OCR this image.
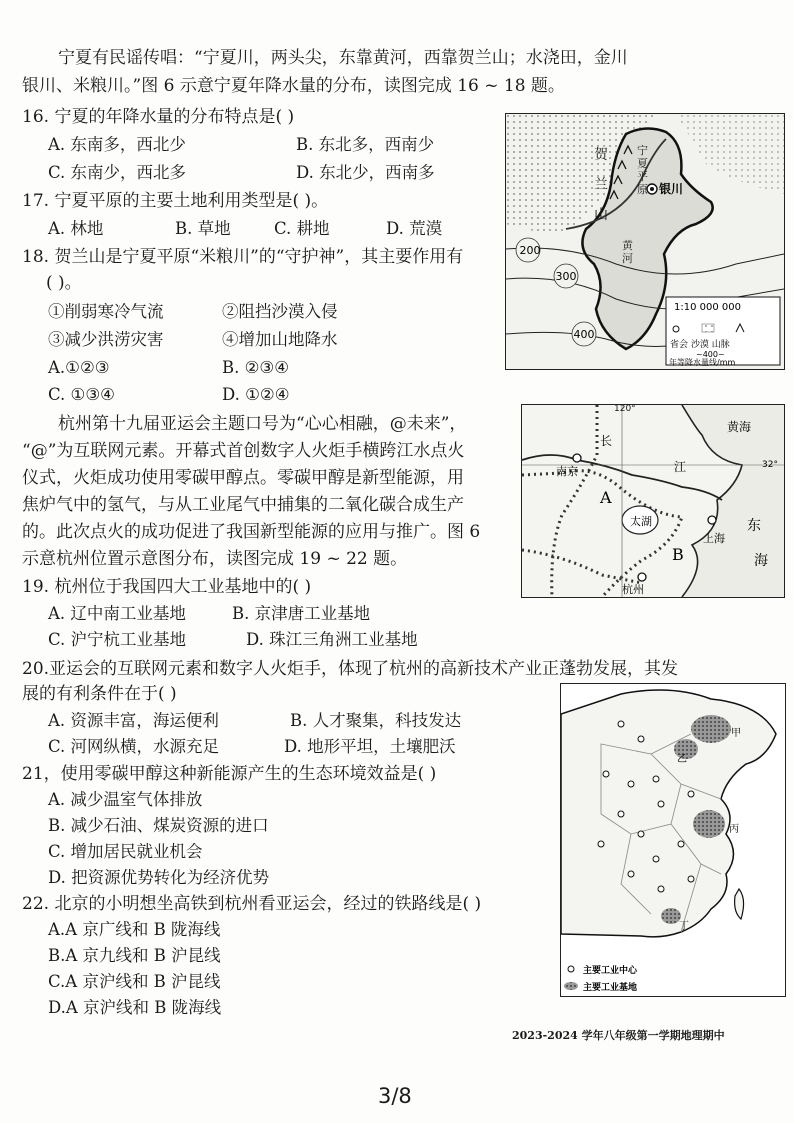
宁夏有民谣传唱：“宁夏川，两头尖，东靠黄河，西靠贺兰山；水浇田，金川
银川、米粮川。”图 6 示意宁夏年降水量的分布，读图完成 16 ~ 18 题。
16. 宁夏的年降水量的分布特点是( )
A. 东南多，西北少	B. 东北多，西南少
C. 东南少，西北多	D. 东北少，西南多
17. 宁夏平原的主要土地利用类型是( )。
A. 林地	B. 草地	C. 耕地	D. 荒漠
18. 贺兰山是宁夏平原“米粮川”的“守护神”，其主要作用有
( )。
①削弱寒冷气流	②阻挡沙漠入侵
③减少洪涝灾害	④增加山地降水
A.①②③	B. ②③④
C. ①③④	D. ①②④
杭州第十九届亚运会主题口号为“心心相融，@未来”，
“@”为互联网元素。开幕式首创数字人火炬手横跨江水点火
仪式，火炬成功使用零碳甲醇点。零碳甲醇是新型能源，用
焦炉气中的氢气，与从工业尾气中捕集的二氧化碳合成生产
的。此次点火的成功促进了我国新型能源的应用与推广。图 6
示意杭州位置示意图分布，读图完成 19 ~ 22 题。
19. 杭州位于我国四大工业基地中的( )
A. 辽中南工业基地	B. 京津唐工业基地
C. 沪宁杭工业基地	D. 珠江三角洲工业基地
20.亚运会的互联网元素和数字人火炬手，体现了杭州的高新技术产业正蓬勃发展，其发
展的有利条件在于( )
A. 资源丰富，海运便利	B. 人才聚集，科技发达
C. 河网纵横，水源充足	D. 地形平坦，土壤肥沃
21，使用零碳甲醇这种新能源产生的生态环境效益是( )
A. 减少温室气体排放
B. 减少石油、煤炭资源的进口
C. 增加居民就业机会
D. 把资源优势转化为经济优势
22. 北京的小明想坐高铁到杭州看亚运会，经过的铁路线是( )
A.A 京广线和 B 陇海线
B.A 京九线和 B 沪昆线
C.A 京沪线和 B 沪昆线
D.A 京沪线和 B 陇海线
200
300
400
1:10 000 000
省会 沙漠 山脉
~400~
年等降水量线/mm
银川
贺兰山
宁夏平原
黄河
南京
上海
杭州
黄海
东
海
太湖
长
江
A
B
32°
120°
甲
乙
丙
丁
主要工业中心
主要工业基地
2023-2024 学年八年级第一学期地理期中
3/8
